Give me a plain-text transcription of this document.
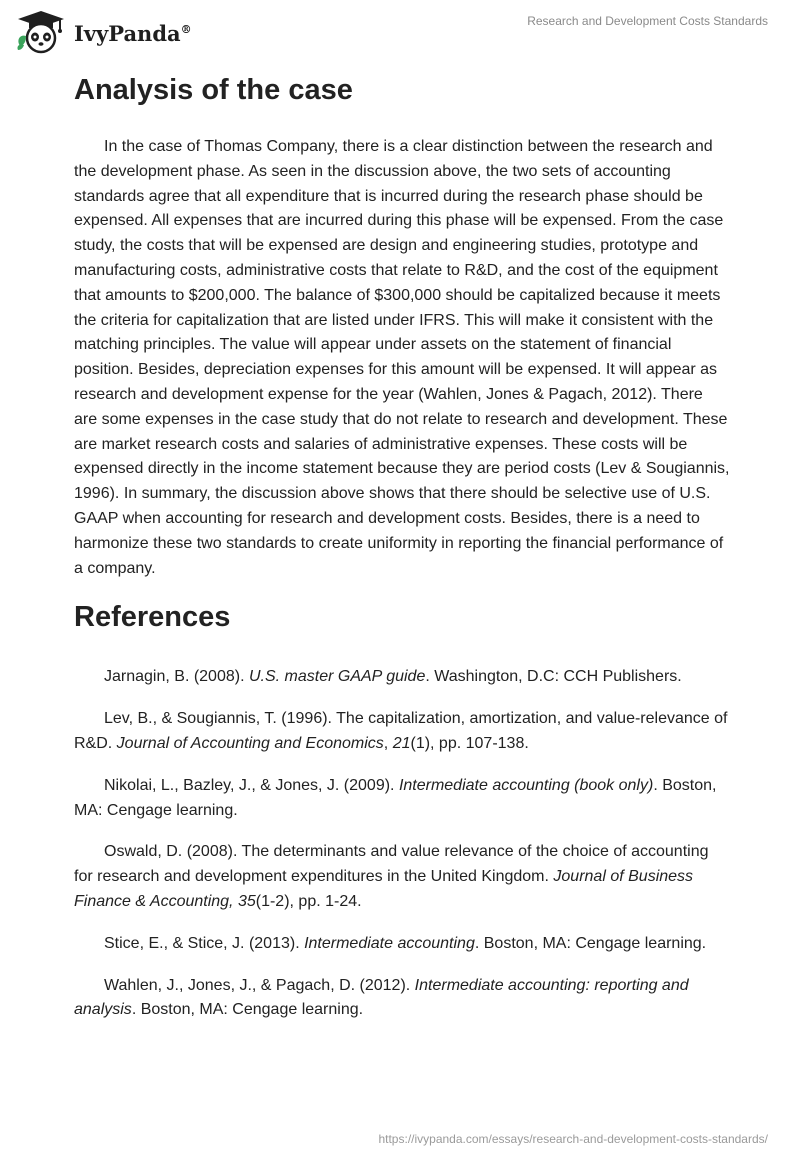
IvyPanda®
Research and Development Costs Standards
Analysis of the case

In the case of Thomas Company, there is a clear distinction between the research and the development phase. As seen in the discussion above, the two sets of accounting standards agree that all expenditure that is incurred during the research phase should be expensed. All expenses that are incurred during this phase will be expensed. From the case study, the costs that will be expensed are design and engineering studies, prototype and manufacturing costs, administrative costs that relate to R&D, and the cost of the equipment that amounts to $200,000. The balance of $300,000 should be capitalized because it meets the criteria for capitalization that are listed under IFRS. This will make it consistent with the matching principles. The value will appear under assets on the statement of financial position. Besides, depreciation expenses for this amount will be expensed. It will appear as research and development expense for the year (Wahlen, Jones & Pagach, 2012). There are some expenses in the case study that do not relate to research and development. These are market research costs and salaries of administrative expenses. These costs will be expensed directly in the income statement because they are period costs (Lev & Sougiannis, 1996). In summary, the discussion above shows that there should be selective use of U.S. GAAP when accounting for research and development costs. Besides, there is a need to harmonize these two standards to create uniformity in reporting the financial performance of a company.

References

Jarnagin, B. (2008). U.S. master GAAP guide. Washington, D.C: CCH Publishers.

Lev, B., & Sougiannis, T. (1996). The capitalization, amortization, and value-relevance of R&D. Journal of Accounting and Economics, 21(1), pp. 107-138.

Nikolai, L., Bazley, J., & Jones, J. (2009). Intermediate accounting (book only). Boston, MA: Cengage learning.

Oswald, D. (2008). The determinants and value relevance of the choice of accounting for research and development expenditures in the United Kingdom. Journal of Business Finance & Accounting, 35(1-2), pp. 1-24.

Stice, E., & Stice, J. (2013). Intermediate accounting. Boston, MA: Cengage learning.

Wahlen, J., Jones, J., & Pagach, D. (2012). Intermediate accounting: reporting and analysis. Boston, MA: Cengage learning.

https://ivypanda.com/essays/research-and-development-costs-standards/
